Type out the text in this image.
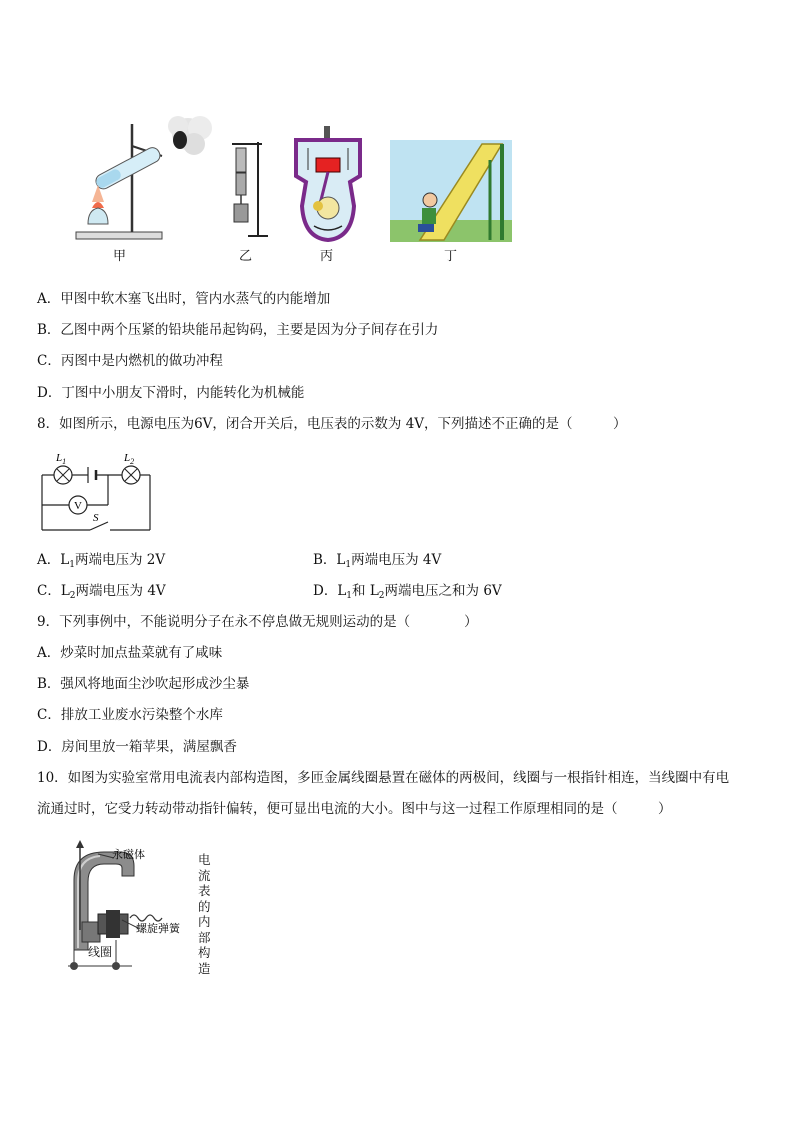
甲	乙	丙	丁
A．甲图中软木塞飞出时，管内水蒸气的内能增加
B．乙图中两个压紧的铅块能吊起钩码，主要是因为分子间存在引力
C．丙图中是内燃机的做功冲程
D．丁图中小朋友下滑时，内能转化为机械能
8．如图所示，电源电压为6V，闭合开关后，电压表的示数为 4V，下列描述不正确的是（　　　）
V
$L_1$	$L_2$
S
A．$L_1$两端电压为 2V	B．$L_1$两端电压为 4V
C．$L_2$两端电压为 4V	D．$L_1$和 $L_2$两端电压之和为 6V
9．下列事例中，不能说明分子在永不停息做无规则运动的是（　　　　）
A．炒菜时加点盐菜就有了咸味
B．强风将地面尘沙吹起形成沙尘暴
C．排放工业废水污染整个水库
D．房间里放一箱苹果，满屋飘香
10．如图为实验室常用电流表内部构造图，多匝金属线圈悬置在磁体的两极间，线圈与一根指针相连，当线圈中有电
流通过时，它受力转动带动指针偏转，便可显出电流的大小。图中与这一过程工作原理相同的是（　　　）
永磁体
螺旋弹簧
线圈
电流表的内部构造
